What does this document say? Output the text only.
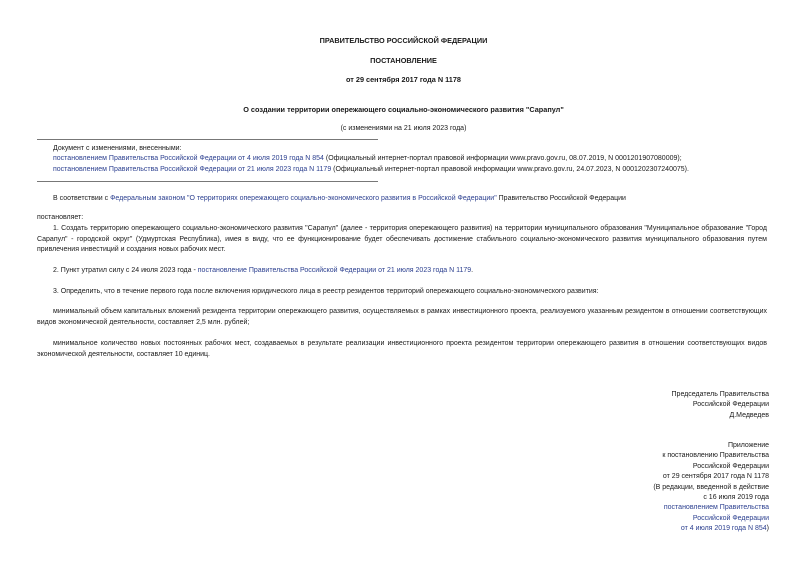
ПРАВИТЕЛЬСТВО РОССИЙСКОЙ ФЕДЕРАЦИИ
ПОСТАНОВЛЕНИЕ
от 29 сентября 2017 года N 1178
О создании территории опережающего социально-экономического развития "Сарапул"
(с изменениями на 21 июля 2023 года)
Документ с изменениями, внесенными:
постановлением Правительства Российской Федерации от 4 июля 2019 года N 854 (Официальный интернет-портал правовой информации www.pravo.gov.ru, 08.07.2019, N 0001201907080009);
постановлением Правительства Российской Федерации от 21 июля 2023 года N 1179 (Официальный интернет-портал правовой информации www.pravo.gov.ru, 24.07.2023, N 0001202307240075).
В соответствии с Федеральным законом "О территориях опережающего социально-экономического развития в Российской Федерации" Правительство Российской Федерации
постановляет:
1. Создать территорию опережающего социально-экономического развития "Сарапул" (далее - территория опережающего развития) на территории муниципального образования "Муниципальное образование "Город Сарапул" - городской округ" (Удмуртская Республика), имея в виду, что ее функционирование будет обеспечивать достижение стабильного социально-экономического развития муниципального образования путем привлечения инвестиций и создания новых рабочих мест.
2. Пункт утратил силу с 24 июля 2023 года - постановление Правительства Российской Федерации от 21 июля 2023 года N 1179.
3. Определить, что в течение первого года после включения юридического лица в реестр резидентов территорий опережающего социально-экономического развития:
минимальный объем капитальных вложений резидента территории опережающего развития, осуществляемых в рамках инвестиционного проекта, реализуемого указанным резидентом в отношении соответствующих видов экономической деятельности, составляет 2,5 млн. рублей;
минимальное количество новых постоянных рабочих мест, создаваемых в результате реализации инвестиционного проекта резидентом территории опережающего развития в отношении соответствующих видов экономической деятельности, составляет 10 единиц.
Председатель Правительства
Российской Федерации
Д.Медведев
Приложение
к постановлению Правительства
Российской Федерации
от 29 сентября 2017 года N 1178
(В редакции, введенной в действие
с 16 июля 2019 года
постановлением Правительства
Российской Федерации
от 4 июля 2019 года N 854)
